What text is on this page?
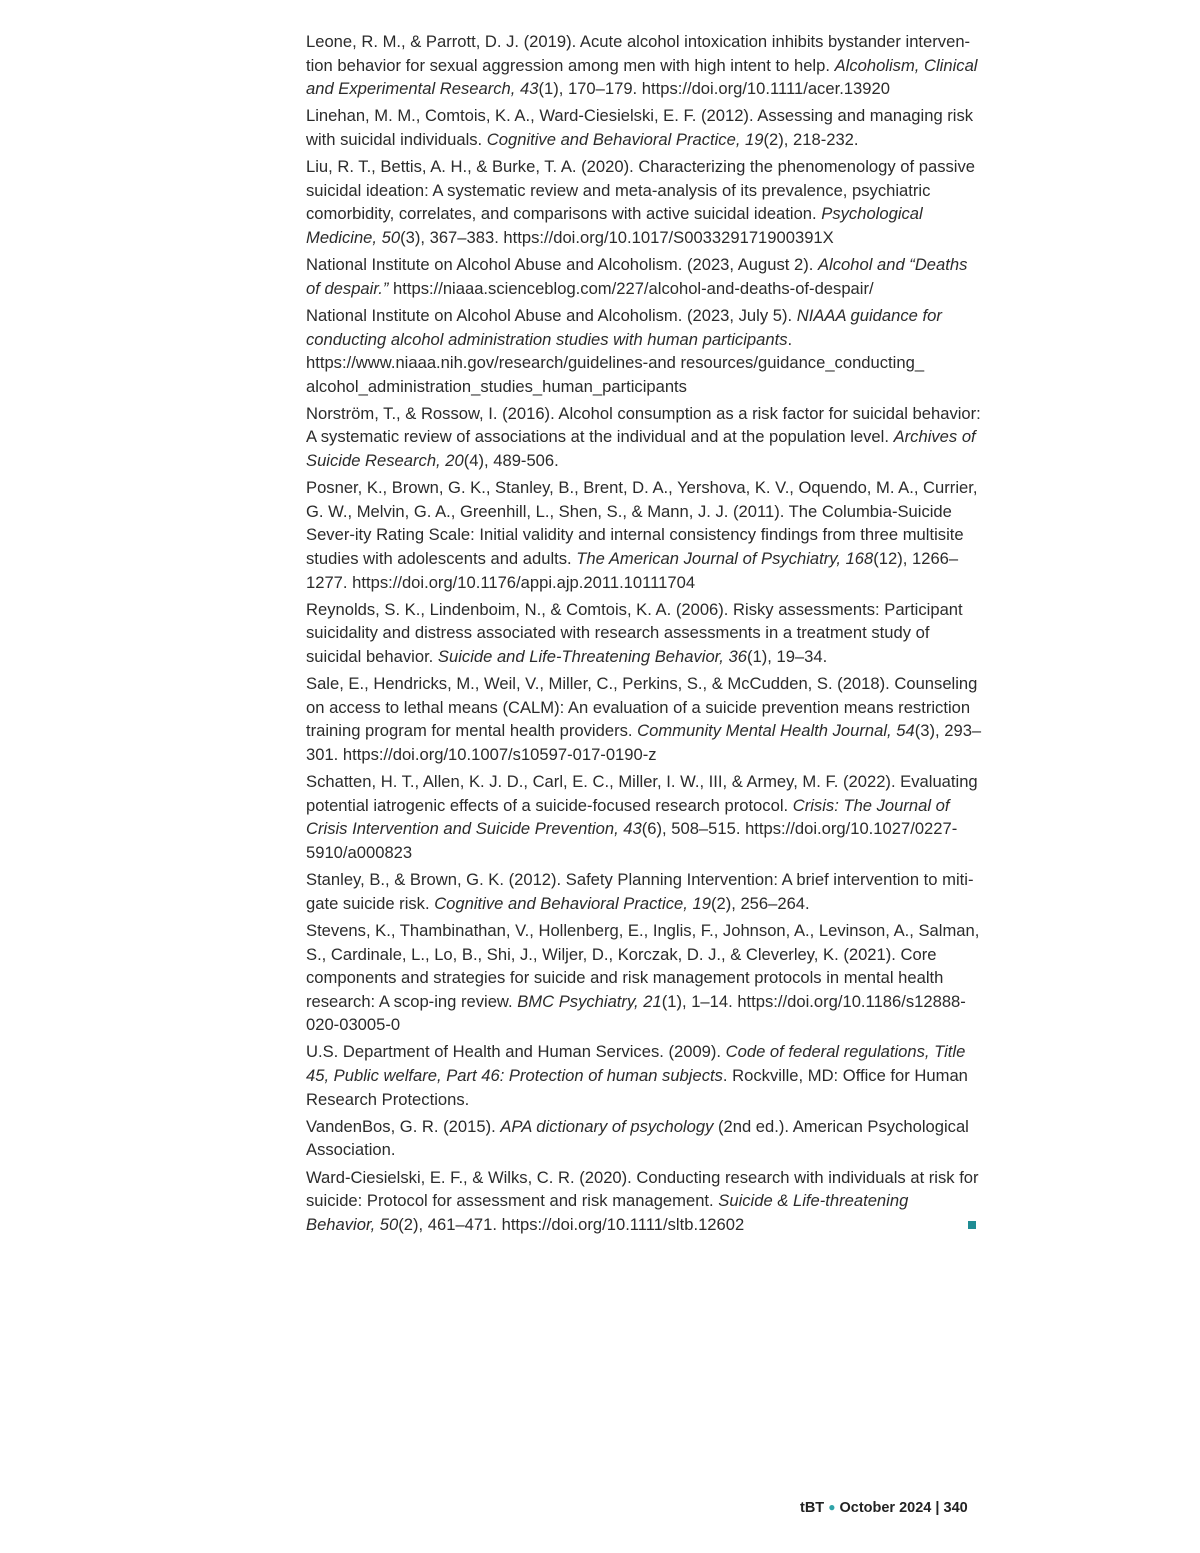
Leone, R. M., & Parrott, D. J. (2019). Acute alcohol intoxication inhibits bystander interven-tion behavior for sexual aggression among men with high intent to help. Alcoholism, Clinical and Experimental Research, 43(1), 170–179. https://doi.org/10.1111/acer.13920

Linehan, M. M., Comtois, K. A., Ward-Ciesielski, E. F. (2012). Assessing and managing risk with suicidal individuals. Cognitive and Behavioral Practice, 19(2), 218-232.

Liu, R. T., Bettis, A. H., & Burke, T. A. (2020). Characterizing the phenomenology of passive suicidal ideation: A systematic review and meta-analysis of its prevalence, psychiatric comorbidity, correlates, and comparisons with active suicidal ideation. Psychological Medicine, 50(3), 367–383. https://doi.org/10.1017/S003329171900391X

National Institute on Alcohol Abuse and Alcoholism. (2023, August 2). Alcohol and “Deaths of despair.” https://niaaa.scienceblog.com/227/alcohol-and-deaths-of-despair/

National Institute on Alcohol Abuse and Alcoholism. (2023, July 5). NIAAA guidance for conducting alcohol administration studies with human participants. https://www.niaaa.nih.gov/research/guidelines-and resources/guidance_conducting_ alcohol_administration_studies_human_participants

Norström, T., & Rossow, I. (2016). Alcohol consumption as a risk factor for suicidal behavior: A systematic review of associations at the individual and at the population level. Archives of Suicide Research, 20(4), 489-506.

Posner, K., Brown, G. K., Stanley, B., Brent, D. A., Yershova, K. V., Oquendo, M. A., Currier, G. W., Melvin, G. A., Greenhill, L., Shen, S., & Mann, J. J. (2011). The Columbia-Suicide Sever-ity Rating Scale: Initial validity and internal consistency findings from three multisite studies with adolescents and adults. The American Journal of Psychiatry, 168(12), 1266–1277. https://doi.org/10.1176/appi.ajp.2011.10111704

Reynolds, S. K., Lindenboim, N., & Comtois, K. A. (2006). Risky assessments: Participant suicidality and distress associated with research assessments in a treatment study of suicidal behavior. Suicide and Life-Threatening Behavior, 36(1), 19–34.

Sale, E., Hendricks, M., Weil, V., Miller, C., Perkins, S., & McCudden, S. (2018). Counseling on access to lethal means (CALM): An evaluation of a suicide prevention means restriction training program for mental health providers. Community Mental Health Journal, 54(3), 293–301. https://doi.org/10.1007/s10597-017-0190-z

Schatten, H. T., Allen, K. J. D., Carl, E. C., Miller, I. W., III, & Armey, M. F. (2022). Evaluating potential iatrogenic effects of a suicide-focused research protocol. Crisis: The Journal of Crisis Intervention and Suicide Prevention, 43(6), 508–515. https://doi.org/10.1027/0227-5910/a000823

Stanley, B., & Brown, G. K. (2012). Safety Planning Intervention: A brief intervention to miti-gate suicide risk. Cognitive and Behavioral Practice, 19(2), 256–264.

Stevens, K., Thambinathan, V., Hollenberg, E., Inglis, F., Johnson, A., Levinson, A., Salman, S., Cardinale, L., Lo, B., Shi, J., Wiljer, D., Korczak, D. J., & Cleverley, K. (2021). Core components and strategies for suicide and risk management protocols in mental health research: A scop-ing review. BMC Psychiatry, 21(1), 1–14. https://doi.org/10.1186/s12888-020-03005-0

U.S. Department of Health and Human Services. (2009). Code of federal regulations, Title 45, Public welfare, Part 46: Protection of human subjects. Rockville, MD: Office for Human Research Protections.

VandenBos, G. R. (2015). APA dictionary of psychology (2nd ed.). American Psychological Association.

Ward-Ciesielski, E. F., & Wilks, C. R. (2020). Conducting research with individuals at risk for suicide: Protocol for assessment and risk management. Suicide & Life-threatening Behavior, 50(2), 461–471. https://doi.org/10.1111/sltb.12602

tBT ● October 2024 | 340
